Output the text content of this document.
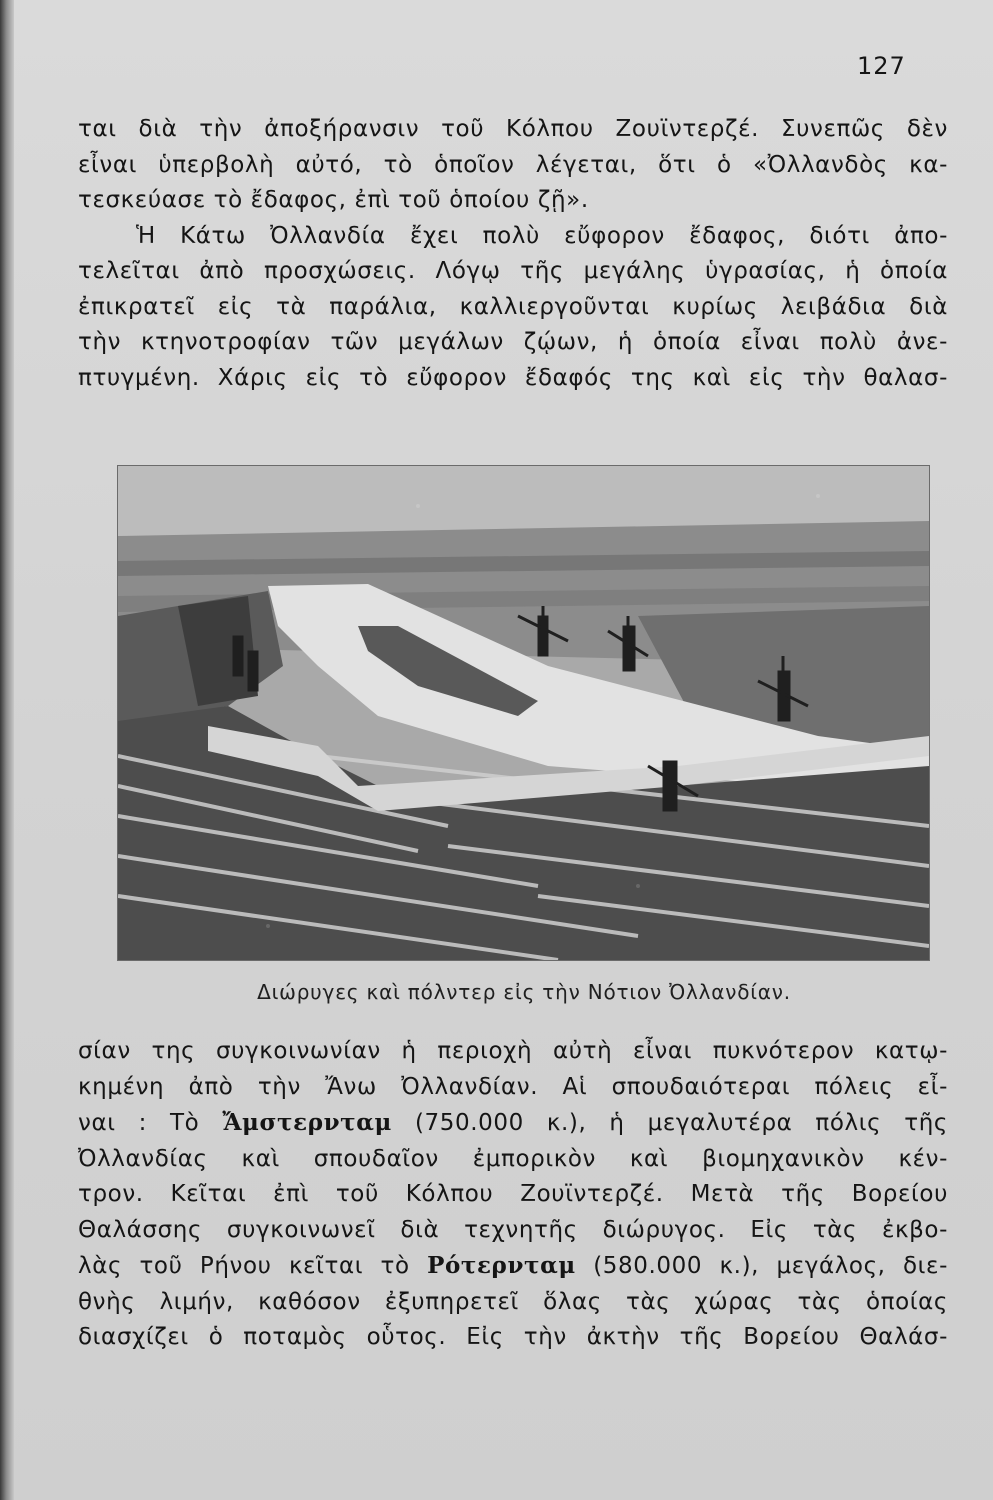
127
ται διὰ τὴν ἀποξήρανσιν τοῦ Κόλπου Ζουϊντερζέ. Συνεπῶς δὲν
εἶναι ὑπερβολὴ αὐτό, τὸ ὁποῖον λέγεται, ὅτι ὁ «Ὀλλανδὸς κα-
τεσκεύασε τὸ ἔδαφος, ἐπὶ τοῦ ὁποίου ζῇ».
Ἡ Κάτω Ὀλλανδία ἔχει πολὺ εὔφορον ἔδαφος, διότι ἀπο-
τελεῖται ἀπὸ προσχώσεις. Λόγῳ τῆς μεγάλης ὑγρασίας, ἡ ὁποία
ἐπικρατεῖ εἰς τὰ παράλια, καλλιεργοῦνται κυρίως λειβάδια διὰ
τὴν κτηνοτροφίαν τῶν μεγάλων ζῴων, ἡ ὁποία εἶναι πολὺ ἀνε-
πτυγμένη. Χάρις εἰς τὸ εὔφορον ἔδαφός της καὶ εἰς τὴν θαλασ-
Διώρυγες καὶ πόλντερ εἰς τὴν Νότιον Ὀλλανδίαν.
σίαν της συγκοινωνίαν ἡ περιοχὴ αὐτὴ εἶναι πυκνότερον κατῳ-
κημένη ἀπὸ τὴν Ἄνω Ὀλλανδίαν. Αἱ σπουδαιότεραι πόλεις εἶ-
ναι : Τὸ Ἄμστερνταμ (750.000 κ.), ἡ μεγαλυτέρα πόλις τῆς
Ὀλλανδίας καὶ σπουδαῖον ἐμπορικὸν καὶ βιομηχανικὸν κέν-
τρον. Κεῖται ἐπὶ τοῦ Κόλπου Ζουϊντερζέ. Μετὰ τῆς Βορείου
Θαλάσσης συγκοινωνεῖ διὰ τεχνητῆς διώρυγος. Εἰς τὰς ἐκβο-
λὰς τοῦ Ρήνου κεῖται τὸ Ρότερνταμ (580.000 κ.), μεγάλος, διε-
θνὴς λιμήν, καθόσον ἐξυπηρετεῖ ὅλας τὰς χώρας τὰς ὁποίας
διασχίζει ὁ ποταμὸς οὗτος. Εἰς τὴν ἀκτὴν τῆς Βορείου Θαλάσ-
